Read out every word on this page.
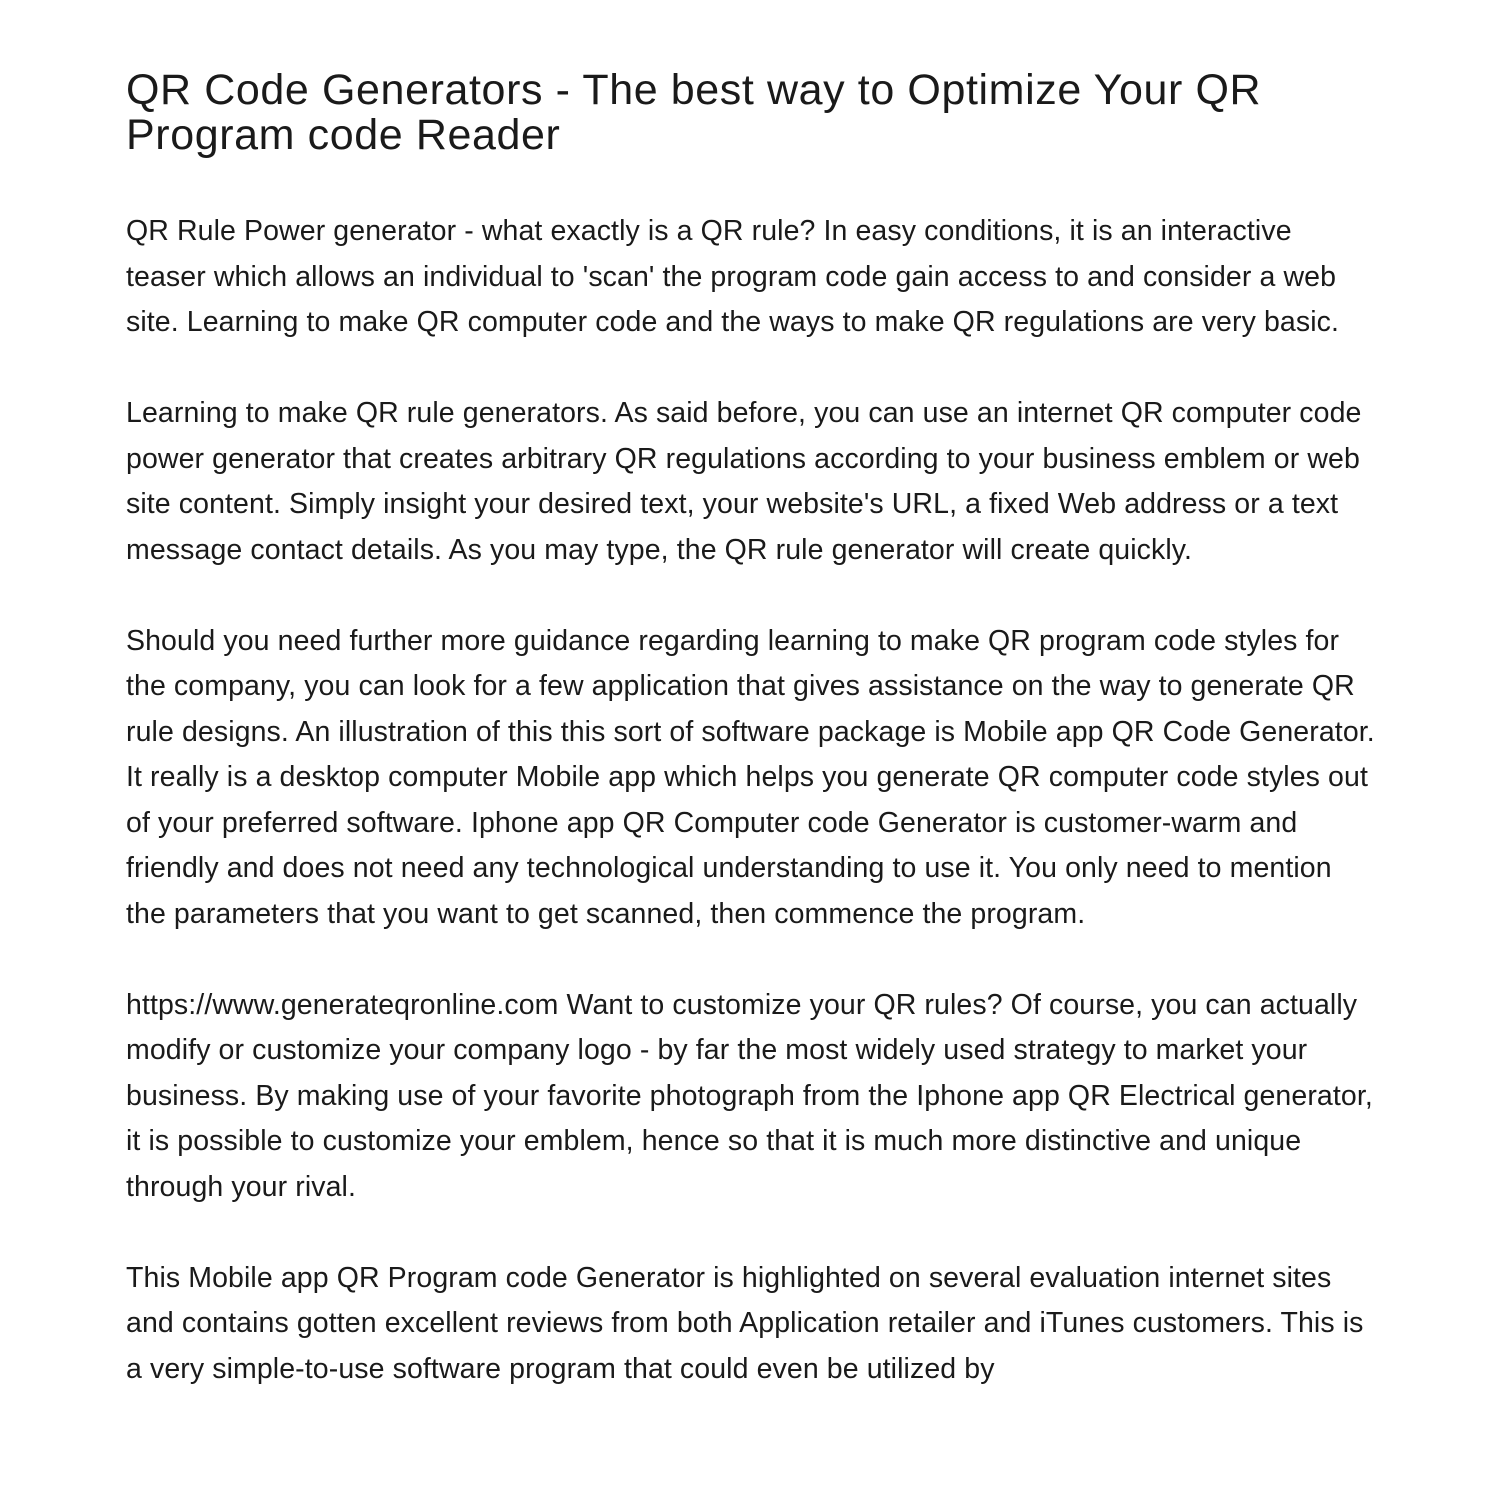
QR Code Generators - The best way to Optimize Your QR Program code Reader

QR Rule Power generator - what exactly is a QR rule? In easy conditions, it is an interactive teaser which allows an individual to 'scan' the program code gain access to and consider a web site. Learning to make QR computer code and the ways to make QR regulations are very basic.

Learning to make QR rule generators. As said before, you can use an internet QR computer code power generator that creates arbitrary QR regulations according to your business emblem or web site content. Simply insight your desired text, your website's URL, a fixed Web address or a text message contact details. As you may type, the QR rule generator will create quickly.

Should you need further more guidance regarding learning to make QR program code styles for the company, you can look for a few application that gives assistance on the way to generate QR rule designs. An illustration of this this sort of software package is Mobile app QR Code Generator. It really is a desktop computer Mobile app which helps you generate QR computer code styles out of your preferred software. Iphone app QR Computer code Generator is customer-warm and friendly and does not need any technological understanding to use it. You only need to mention the parameters that you want to get scanned, then commence the program.

https://www.generateqronline.com Want to customize your QR rules? Of course, you can actually modify or customize your company logo - by far the most widely used strategy to market your business. By making use of your favorite photograph from the Iphone app QR Electrical generator, it is possible to customize your emblem, hence so that it is much more distinctive and unique through your rival.

This Mobile app QR Program code Generator is highlighted on several evaluation internet sites and contains gotten excellent reviews from both Application retailer and iTunes customers. This is a very simple-to-use software program that could even be utilized by
